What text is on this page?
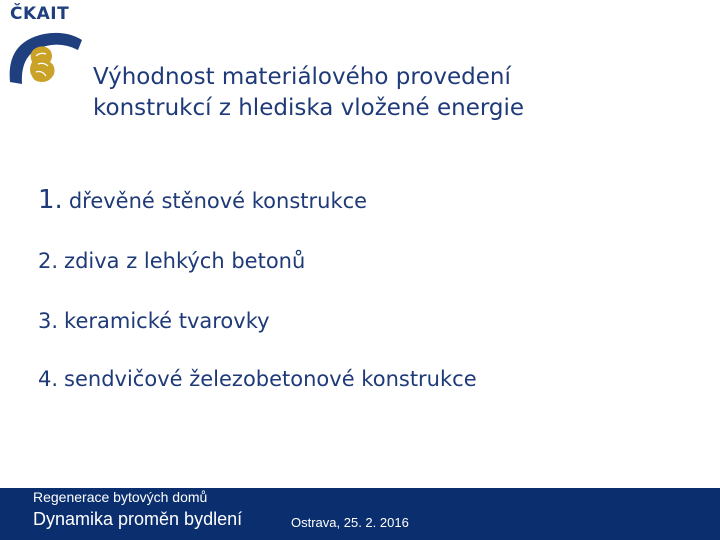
ČKAIT
Výhodnost materiálového provedení
konstrukcí z hlediska vložené energie
1. dřevěné stěnové konstrukce
2. zdiva z lehkých betonů
3. keramické tvarovky
4. sendvičové železobetonové konstrukce
Regenerace bytových domů
Dynamika proměn bydlení	Ostrava, 25. 2. 2016
